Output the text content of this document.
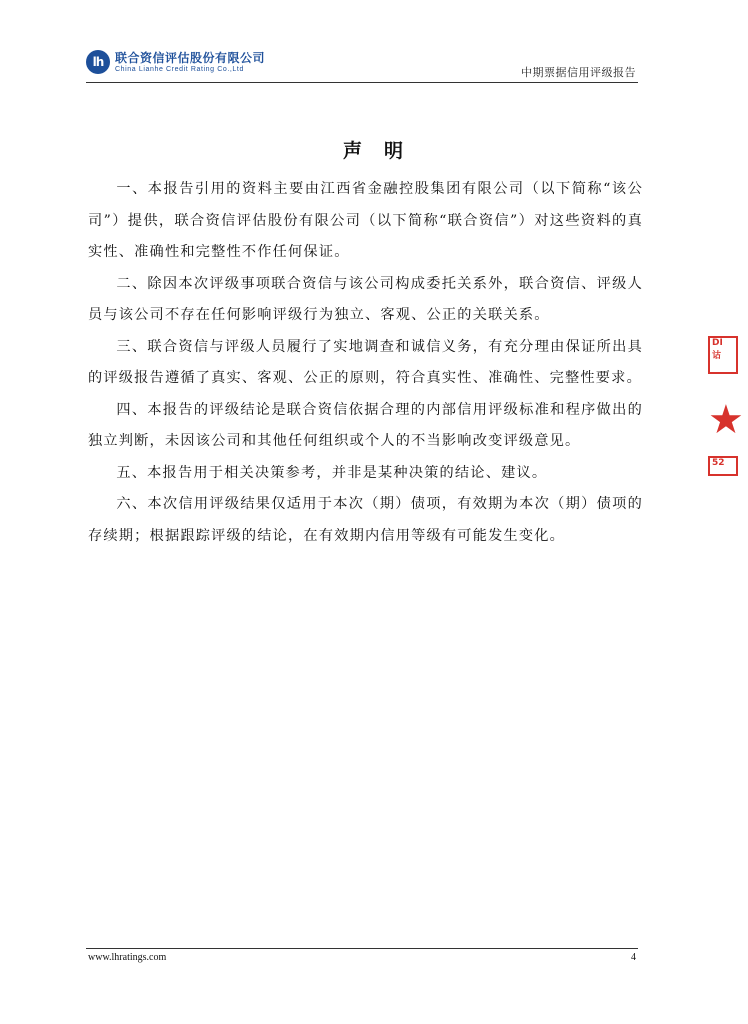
lh 联合资信评估股份有限公司
China Lianhe Credit Rating Co.,Ltd	中期票据信用评级报告
声明

一、本报告引用的资料主要由江西省金融控股集团有限公司（以下简称“该公司”）提供，联合资信评估股份有限公司（以下简称“联合资信”）对这些资料的真实性、准确性和完整性不作任何保证。

二、除因本次评级事项联合资信与该公司构成委托关系外，联合资信、评级人员与该公司不存在任何影响评级行为独立、客观、公正的关联关系。

三、联合资信与评级人员履行了实地调查和诚信义务，有充分理由保证所出具的评级报告遵循了真实、客观、公正的原则，符合真实性、准确性、完整性要求。

四、本报告的评级结论是联合资信依据合理的内部信用评级标准和程序做出的独立判断，未因该公司和其他任何组织或个人的不当影响改变评级意见。

五、本报告用于相关决策参考，并非是某种决策的结论、建议。

六、本次信用评级结果仅适用于本次（期）债项，有效期为本次（期）债项的存续期；根据跟踪评级的结论，在有效期内信用等级有可能发生变化。

DI
诂
★
52
www.lhratings.com	4
